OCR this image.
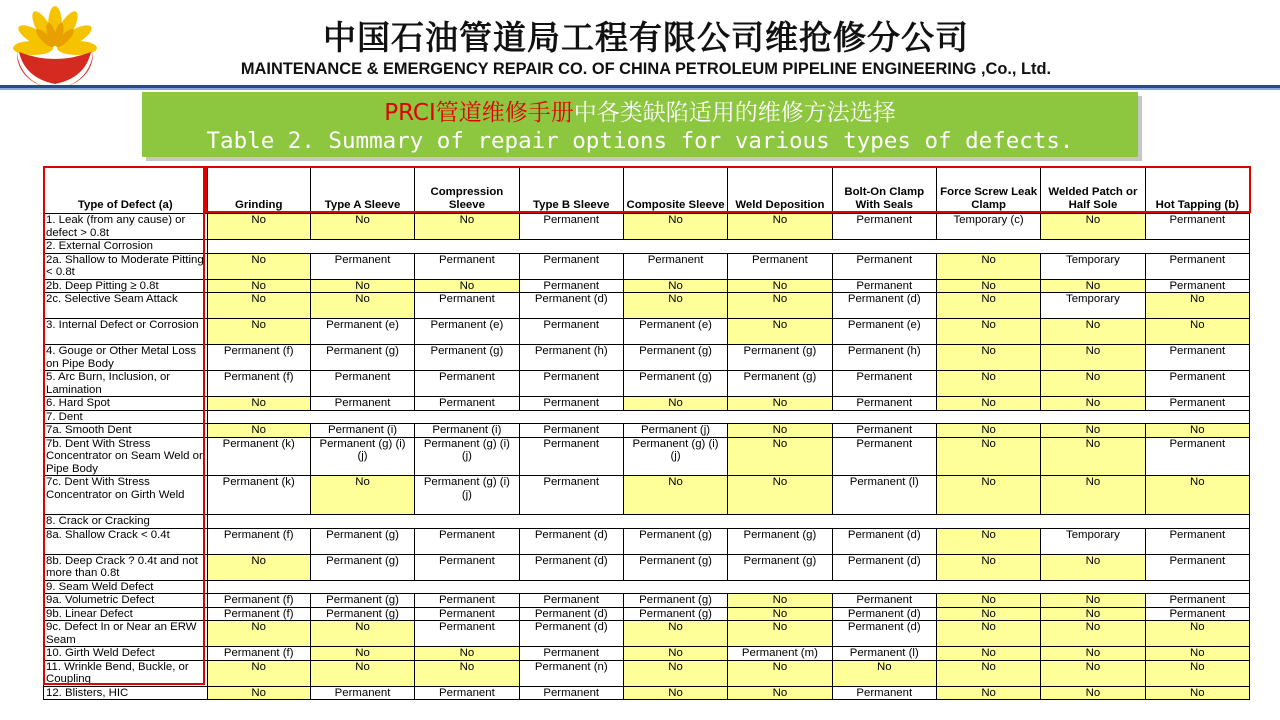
中国石油管道局工程有限公司维抢修分公司
MAINTENANCE & EMERGENCY REPAIR CO. OF CHINA PETROLEUM PIPELINE ENGINEERING ,Co., Ltd.
PRCI管道维修手册中各类缺陷适用的维修方法选择
Table 2. Summary of repair options for various types of defects.
Type of Defect (a)	Grinding	Type A Sleeve	Compression Sleeve	Type B Sleeve	Composite Sleeve	Weld Deposition	Bolt-On Clamp With Seals	Force Screw Leak Clamp	Welded Patch or Half Sole	Hot Tapping (b)
1. Leak (from any cause) or defect > 0.8t	No	No	No	Permanent	No	No	Permanent	Temporary (c)	No	Permanent
2. External Corrosion										
2a. Shallow to Moderate Pitting < 0.8t	No	Permanent	Permanent	Permanent	Permanent	Permanent	Permanent	No	Temporary	Permanent
2b. Deep Pitting ≥ 0.8t	No	No	No	Permanent	No	No	Permanent	No	No	Permanent
2c. Selective Seam Attack	No	No	Permanent	Permanent (d)	No	No	Permanent (d)	No	Temporary	No
3. Internal Defect or Corrosion	No	Permanent (e)	Permanent (e)	Permanent	Permanent (e)	No	Permanent (e)	No	No	No
4. Gouge or Other Metal Loss on Pipe Body	Permanent (f)	Permanent (g)	Permanent (g)	Permanent (h)	Permanent (g)	Permanent (g)	Permanent (h)	No	No	Permanent
5. Arc Burn, Inclusion, or Lamination	Permanent (f)	Permanent	Permanent	Permanent	Permanent (g)	Permanent (g)	Permanent	No	No	Permanent
6. Hard Spot	No	Permanent	Permanent	Permanent	No	No	Permanent	No	No	Permanent
7. Dent										
7a. Smooth Dent	No	Permanent (i)	Permanent (i)	Permanent	Permanent (j)	No	Permanent	No	No	No
7b. Dent With Stress Concentrator on Seam Weld or Pipe Body	Permanent (k)	Permanent (g) (i) (j)	Permanent (g) (i) (j)	Permanent	Permanent (g) (i) (j)	No	Permanent	No	No	Permanent
7c. Dent With Stress Concentrator on Girth Weld	Permanent (k)	No	Permanent (g) (i) (j)	Permanent	No	No	Permanent (l)	No	No	No
8. Crack or Cracking										
8a. Shallow Crack < 0.4t	Permanent (f)	Permanent (g)	Permanent	Permanent (d)	Permanent (g)	Permanent (g)	Permanent (d)	No	Temporary	Permanent
8b. Deep Crack ? 0.4t and not more than 0.8t	No	Permanent (g)	Permanent	Permanent (d)	Permanent (g)	Permanent (g)	Permanent (d)	No	No	Permanent
9. Seam Weld Defect										
9a. Volumetric Defect	Permanent (f)	Permanent (g)	Permanent	Permanent	Permanent (g)	No	Permanent	No	No	Permanent
9b. Linear Defect	Permanent (f)	Permanent (g)	Permanent	Permanent (d)	Permanent (g)	No	Permanent (d)	No	No	Permanent
9c. Defect In or Near an ERW Seam	No	No	Permanent	Permanent (d)	No	No	Permanent (d)	No	No	No
10. Girth Weld Defect	Permanent (f)	No	No	Permanent	No	Permanent (m)	Permanent (l)	No	No	No
11. Wrinkle Bend, Buckle, or Coupling	No	No	No	Permanent (n)	No	No	No	No	No	No
12. Blisters, HIC	No	Permanent	Permanent	Permanent	No	No	Permanent	No	No	No
